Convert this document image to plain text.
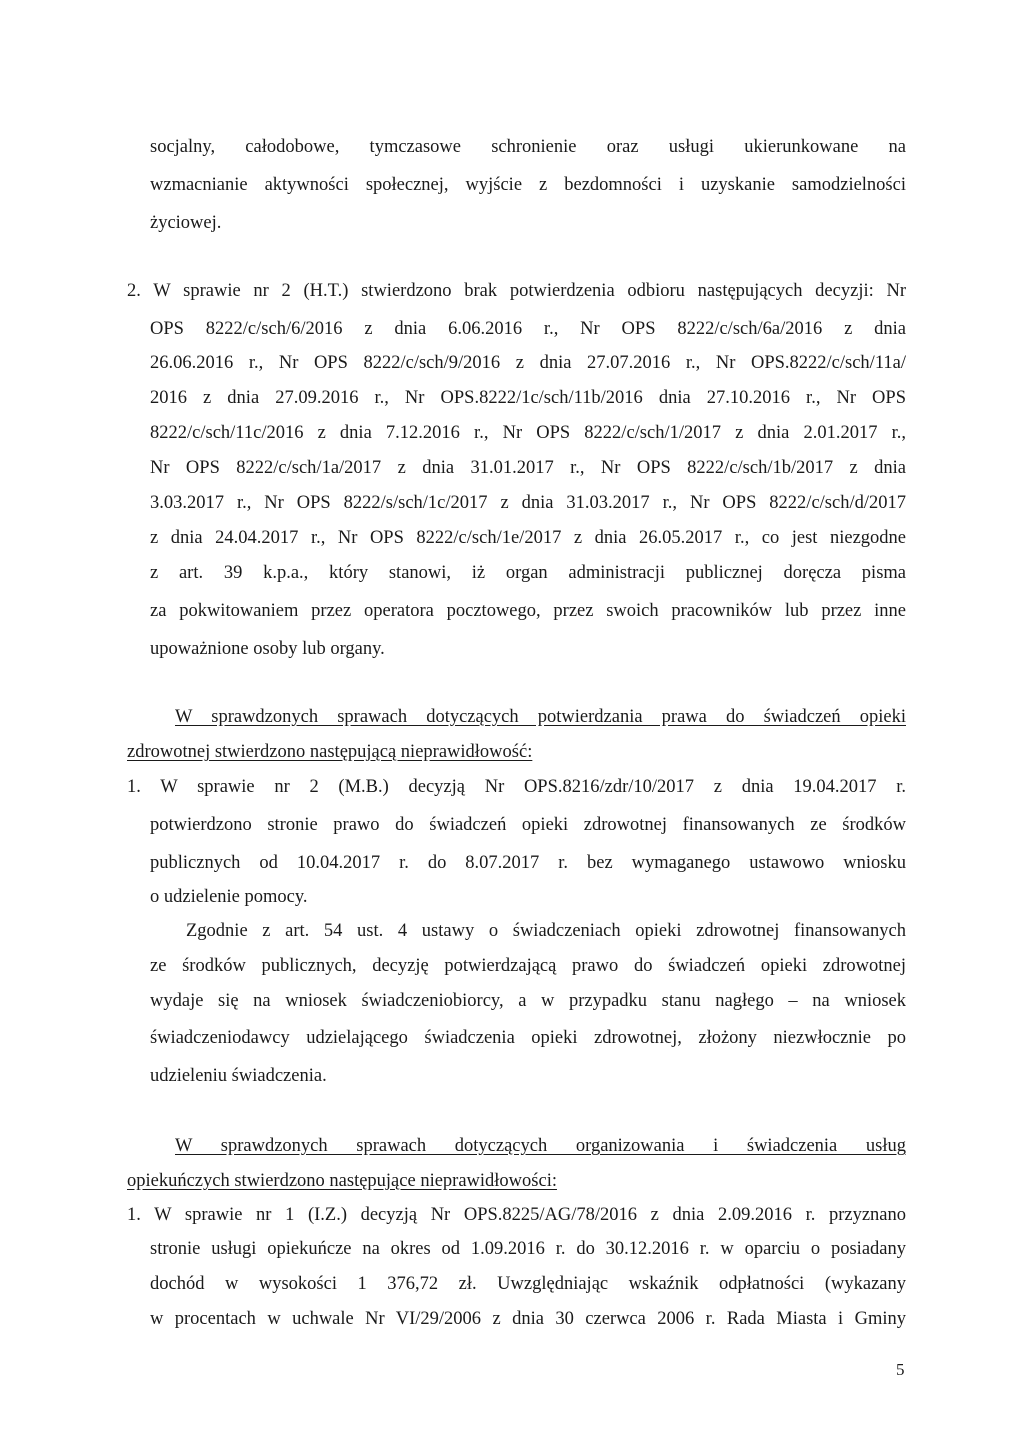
socjalny, całodobowe, tymczasowe schronienie oraz usługi ukierunkowane na
wzmacnianie aktywności społecznej, wyjście z bezdomności i uzyskanie samodzielności
życiowej.
2. W sprawie nr 2 (H.T.) stwierdzono brak potwierdzenia odbioru następujących decyzji: Nr
OPS 8222/c/sch/6/2016 z dnia 6.06.2016 r., Nr OPS 8222/c/sch/6a/2016 z dnia
26.06.2016 r., Nr OPS 8222/c/sch/9/2016 z dnia 27.07.2016 r., Nr OPS.8222/c/sch/11a/
2016 z dnia 27.09.2016 r., Nr OPS.8222/1c/sch/11b/2016 dnia 27.10.2016 r., Nr OPS
8222/c/sch/11c/2016 z dnia 7.12.2016 r., Nr OPS 8222/c/sch/1/2017 z dnia 2.01.2017 r.,
Nr OPS 8222/c/sch/1a/2017 z dnia 31.01.2017 r., Nr OPS 8222/c/sch/1b/2017 z dnia
3.03.2017 r., Nr OPS 8222/s/sch/1c/2017 z dnia 31.03.2017 r., Nr OPS 8222/c/sch/d/2017
z dnia 24.04.2017 r., Nr OPS 8222/c/sch/1e/2017 z dnia 26.05.2017 r., co jest niezgodne
z art. 39 k.p.a., który stanowi, iż organ administracji publicznej doręcza pisma
za pokwitowaniem przez operatora pocztowego, przez swoich pracowników lub przez inne
upoważnione osoby lub organy.
W sprawdzonych sprawach dotyczących potwierdzania prawa do świadczeń opieki
zdrowotnej stwierdzono następującą nieprawidłowość:
1. W sprawie nr 2 (M.B.) decyzją Nr OPS.8216/zdr/10/2017 z dnia 19.04.2017 r.
potwierdzono stronie prawo do świadczeń opieki zdrowotnej finansowanych ze środków
publicznych od 10.04.2017 r. do 8.07.2017 r. bez wymaganego ustawowo wniosku
o udzielenie pomocy.
Zgodnie z art. 54 ust. 4 ustawy o świadczeniach opieki zdrowotnej finansowanych
ze środków publicznych, decyzję potwierdzającą prawo do świadczeń opieki zdrowotnej
wydaje się na wniosek świadczeniobiorcy, a w przypadku stanu nagłego – na wniosek
świadczeniodawcy udzielającego świadczenia opieki zdrowotnej, złożony niezwłocznie po
udzieleniu świadczenia.
W sprawdzonych sprawach dotyczących organizowania i świadczenia usług
opiekuńczych stwierdzono następujące nieprawidłowości:
1. W sprawie nr 1 (I.Z.) decyzją Nr OPS.8225/AG/78/2016 z dnia 2.09.2016 r. przyznano
stronie usługi opiekuńcze na okres od 1.09.2016 r. do 30.12.2016 r. w oparciu o posiadany
dochód w wysokości 1 376,72 zł. Uwzględniając wskaźnik odpłatności (wykazany
w procentach w uchwale Nr VI/29/2006 z dnia 30 czerwca 2006 r. Rada Miasta i Gminy
5
